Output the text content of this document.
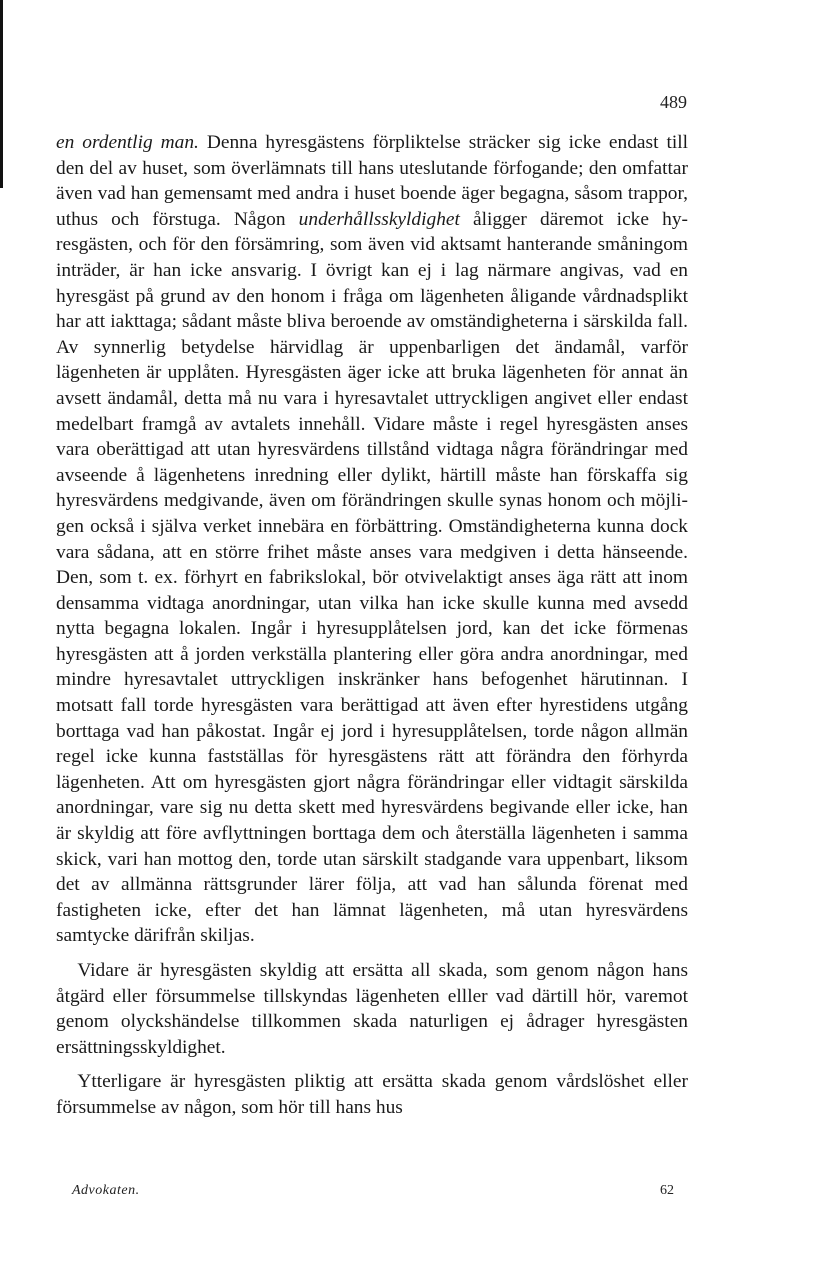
489

en ordentlig man. Denna hyresgästens förpliktelse sträcker sig icke endast till den del av huset, som överlämnats till hans uteslutande förfogande; den omfattar även vad han gemensamt med andra i huset boende äger begagna, såsom trappor, uthus och förstuga. Någon underhållsskyldighet åligger däremot icke hyresgästen, och för den försämring, som även vid aktsamt hanterande småningom inträder, är han icke ansvarig. I övrigt kan ej i lag närmare angivas, vad en hyresgäst på grund av den honom i fråga om lägenheten åligande vårdnadsplikt har att iakttaga; sådant måste bliva beroende av omständigheterna i särskilda fall. Av synnerlig betydelse härvidlag är uppenbarligen det ändamål, varför lägenheten är upplåten. Hyresgästen äger icke att bruka lägenheten för annat än avsett ändamål, detta må nu vara i hyresavtalet uttryckligen angivet eller endast medelbart framgå av avtalets innehåll. Vidare måste i regel hyresgästen anses vara oberättigad att utan hyresvärdens tillstånd vidtaga några förändringar med avseende å lägenhetens inredning eller dylikt, härtill måste han förskaffa sig hyresvärdens medgivande, även om förändringen skulle synas honom och möjligen också i själva verket innebära en förbättring. Omständigheterna kunna dock vara sådana, att en större frihet måste anses vara medgiven i detta hänseende. Den, som t. ex. förhyrt en fabrikslokal, bör otvivelaktigt anses äga rätt att inom densamma vidtaga anordningar, utan vilka han icke skulle kunna med avsedd nytta begagna lokalen. Ingår i hyresupplåtelsen jord, kan det icke förmenas hyresgästen att å jorden verkställa plantering eller göra andra anordningar, med mindre hyresavtalet uttryckligen inskränker hans befogenhet härutinnan. I motsatt fall torde hyresgästen vara berättigad att även efter hyrestidens utgång borttaga vad han påkostat. Ingår ej jord i hyresupplåtelsen, torde någon allmän regel icke kunna fastställas för hyresgästens rätt att förändra den förhyrda lägenheten. Att om hyresgästen gjort några förändringar eller vidtagit särskilda anordningar, vare sig nu detta skett med hyresvärdens begivande eller icke, han är skyldig att före avflyttningen borttaga dem och återställa lägenheten i samma skick, vari han mottog den, torde utan särskilt stadgande vara uppenbart, liksom det av allmänna rättsgrunder lärer följa, att vad han sålunda förenat med fastigheten icke, efter det han lämnat lägenheten, må utan hyresvärdens samtycke därifrån skiljas.

Vidare är hyresgästen skyldig att ersätta all skada, som genom någon hans åtgärd eller försummelse tillskyndas lägenheten elller vad därtill hör, varemot genom olyckshändelse tillkommen skada naturligen ej ådrager hyresgästen ersättningsskyldighet.

Ytterligare är hyresgästen pliktig att ersätta skada genom vårdslöshet eller försummelse av någon, som hör till hans hus

Advokaten.	62
